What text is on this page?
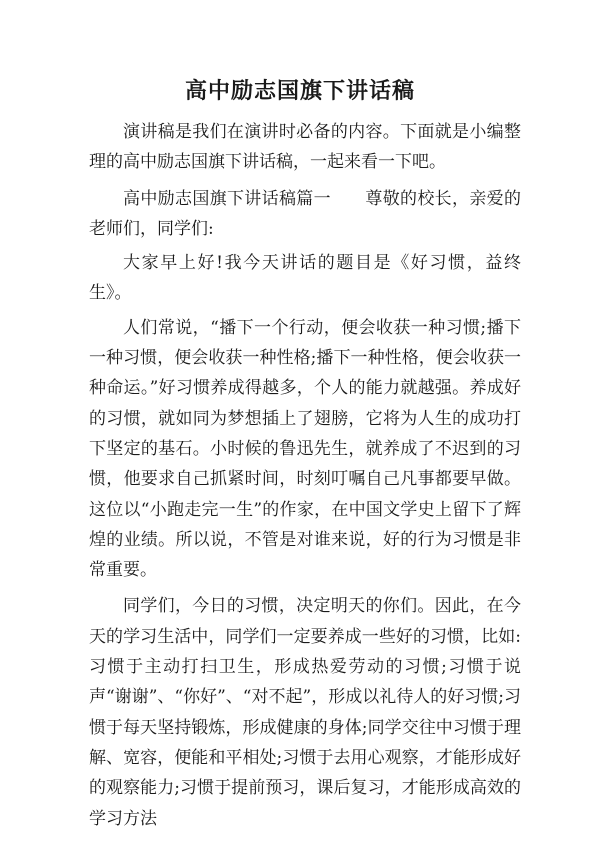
高中励志国旗下讲话稿

演讲稿是我们在演讲时必备的内容。下面就是小编整理的高中励志国旗下讲话稿，一起来看一下吧。

高中励志国旗下讲话稿篇一      尊敬的校长，亲爱的老师们，同学们:

大家早上好!我今天讲话的题目是《好习惯，益终生》。

人们常说，“播下一个行动，便会收获一种习惯;播下一种习惯，便会收获一种性格;播下一种性格，便会收获一种命运。”好习惯养成得越多，个人的能力就越强。养成好的习惯，就如同为梦想插上了翅膀，它将为人生的成功打下坚定的基石。小时候的鲁迅先生，就养成了不迟到的习惯，他要求自己抓紧时间，时刻叮嘱自己凡事都要早做。这位以“小跑走完一生”的作家，在中国文学史上留下了辉煌的业绩。所以说，不管是对谁来说，好的行为习惯是非常重要。

同学们，今日的习惯，决定明天的你们。因此，在今天的学习生活中，同学们一定要养成一些好的习惯，比如:习惯于主动打扫卫生，形成热爱劳动的习惯;习惯于说声“谢谢”、“你好”、“对不起”，形成以礼待人的好习惯;习惯于每天坚持锻炼，形成健康的身体;同学交往中习惯于理解、宽容，便能和平相处;习惯于去用心观察，才能形成好的观察能力;习惯于提前预习，课后复习，才能形成高效的学习方法
